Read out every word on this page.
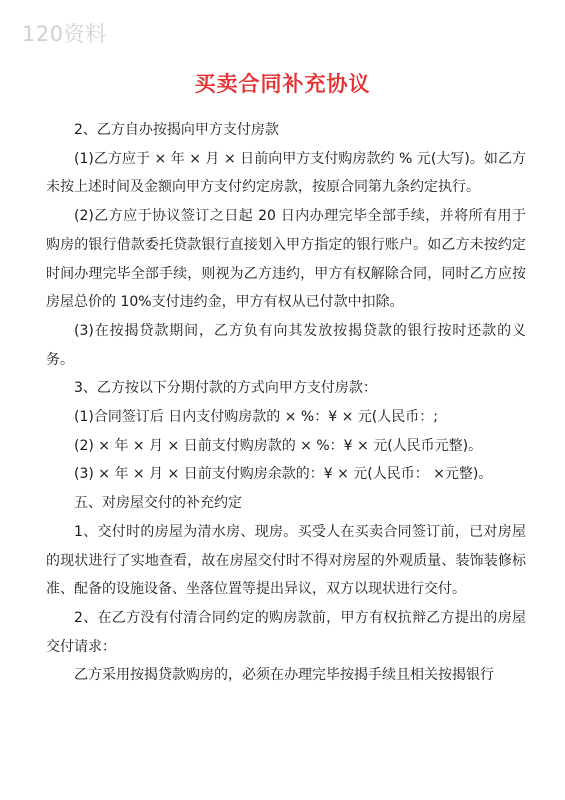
120资料
买卖合同补充协议

2、乙方自办按揭向甲方支付房款

(1)乙方应于 × 年 × 月 × 日前向甲方支付购房款约 % 元(大写)。如乙方未按上述时间及金额向甲方支付约定房款，按原合同第九条约定执行。

(2)乙方应于协议签订之日起 20 日内办理完毕全部手续，并将所有用于购房的银行借款委托贷款银行直接划入甲方指定的银行账户。如乙方未按约定时间办理完毕全部手续，则视为乙方违约，甲方有权解除合同，同时乙方应按房屋总价的 10%支付违约金，甲方有权从已付款中扣除。

(3)在按揭贷款期间，乙方负有向其发放按揭贷款的银行按时还款的义务。

3、乙方按以下分期付款的方式向甲方支付房款：

(1)合同签订后 日内支付购房款的 × %：¥ × 元(人民币：;

(2) × 年 × 月 × 日前支付购房款的 × %：¥ × 元(人民币元整)。

(3) × 年 × 月 × 日前支付购房余款的：¥ × 元(人民币： ×元整)。

五、对房屋交付的补充约定

1、交付时的房屋为清水房、现房。买受人在买卖合同签订前，已对房屋的现状进行了实地查看，故在房屋交付时不得对房屋的外观质量、装饰装修标准、配备的设施设备、坐落位置等提出异议，双方以现状进行交付。

2、在乙方没有付清合同约定的购房款前，甲方有权抗辩乙方提出的房屋交付请求：

乙方采用按揭贷款购房的，必须在办理完毕按揭手续且相关按揭银行
